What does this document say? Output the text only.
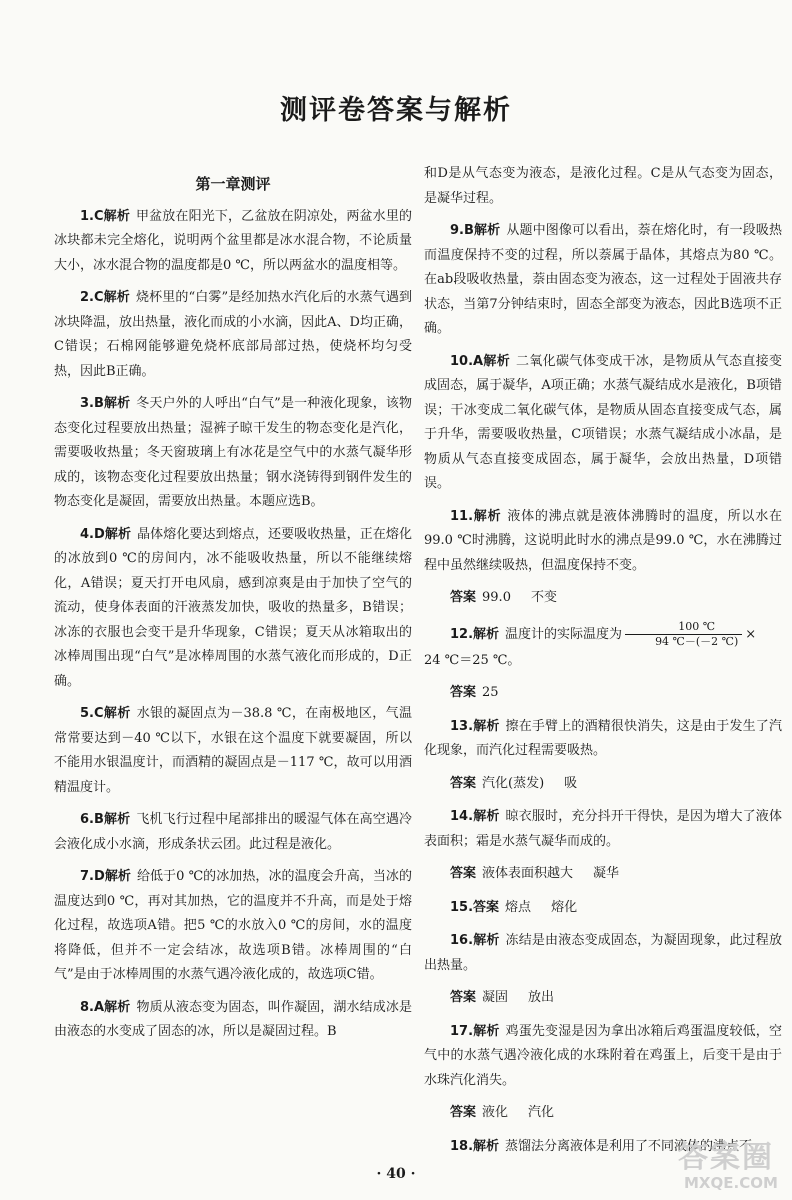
测评卷答案与解析
第一章测评
1.C解析 甲盆放在阳光下，乙盆放在阴凉处，两盆水里的冰块都未完全熔化，说明两个盆里都是冰水混合物，不论质量大小，冰水混合物的温度都是0 ℃，所以两盆水的温度相等。
2.C解析 烧杯里的“白雾”是经加热水汽化后的水蒸气遇到冰块降温，放出热量，液化而成的小水滴，因此A、D均正确，C错误；石棉网能够避免烧杯底部局部过热，使烧杯均匀受热，因此B正确。
3.B解析 冬天户外的人呼出“白气”是一种液化现象，该物态变化过程要放出热量；湿裤子晾干发生的物态变化是汽化，需要吸收热量；冬天窗玻璃上有冰花是空气中的水蒸气凝华形成的，该物态变化过程要放出热量；钢水浇铸得到钢件发生的物态变化是凝固，需要放出热量。本题应选B。
4.D解析 晶体熔化要达到熔点，还要吸收热量，正在熔化的冰放到0 ℃的房间内，冰不能吸收热量，所以不能继续熔化，A错误；夏天打开电风扇，感到凉爽是由于加快了空气的流动，使身体表面的汗液蒸发加快，吸收的热量多，B错误；冰冻的衣服也会变干是升华现象，C错误；夏天从冰箱取出的冰棒周围出现“白气”是冰棒周围的水蒸气液化而形成的，D正确。
5.C解析 水银的凝固点为－38.8 ℃，在南极地区，气温常常要达到－40 ℃以下，水银在这个温度下就要凝固，所以不能用水银温度计，而酒精的凝固点是－117 ℃，故可以用酒精温度计。
6.B解析 飞机飞行过程中尾部排出的暖湿气体在高空遇冷会液化成小水滴，形成条状云团。此过程是液化。
7.D解析 给低于0 ℃的冰加热，冰的温度会升高，当冰的温度达到0 ℃，再对其加热，它的温度并不升高，而是处于熔化过程，故选项A错。把5 ℃的水放入0 ℃的房间，水的温度将降低，但并不一定会结冰，故选项B错。冰棒周围的“白气”是由于冰棒周围的水蒸气遇冷液化成的，故选项C错。
8.A解析 物质从液态变为固态，叫作凝固，湖水结成冰是由液态的水变成了固态的冰，所以是凝固过程。B
和D是从气态变为液态，是液化过程。C是从气态变为固态，是凝华过程。
9.B解析 从题中图像可以看出，萘在熔化时，有一段吸热而温度保持不变的过程，所以萘属于晶体，其熔点为80 ℃。在ab段吸收热量，萘由固态变为液态，这一过程处于固液共存状态，当第7分钟结束时，固态全部变为液态，因此B选项不正确。
10.A解析 二氧化碳气体变成干冰，是物质从气态直接变成固态，属于凝华，A项正确；水蒸气凝结成水是液化，B项错误；干冰变成二氧化碳气体，是物质从固态直接变成气态，属于升华，需要吸收热量，C项错误；水蒸气凝结成小冰晶，是物质从气态直接变成固态，属于凝华，会放出热量，D项错误。
11.解析 液体的沸点就是液体沸腾时的温度，所以水在99.0 ℃时沸腾，这说明此时水的沸点是99.0 ℃，水在沸腾过程中虽然继续吸热，但温度保持不变。
答案 99.0 不变
12.解析 温度计的实际温度为 $\frac{100 ℃}{94 ℃-(-2 ℃)}$ ×
24 ℃＝25 ℃。
答案 25
13.解析 擦在手臂上的酒精很快消失，这是由于发生了汽化现象，而汽化过程需要吸热。
答案 汽化(蒸发) 吸
14.解析 晾衣服时，充分抖开干得快，是因为增大了液体表面积；霜是水蒸气凝华而成的。
答案 液体表面积越大 凝华
15.答案 熔点 熔化
16.解析 冻结是由液态变成固态，为凝固现象，此过程放出热量。
答案 凝固 放出
17.解析 鸡蛋先变湿是因为拿出冰箱后鸡蛋温度较低，空气中的水蒸气遇冷液化成的水珠附着在鸡蛋上，后变干是由于水珠汽化消失。
答案 液化 汽化
18.解析 蒸馏法分离液体是利用了不同液体的沸点不
· 40 ·	答案圈
MXQE.COM
